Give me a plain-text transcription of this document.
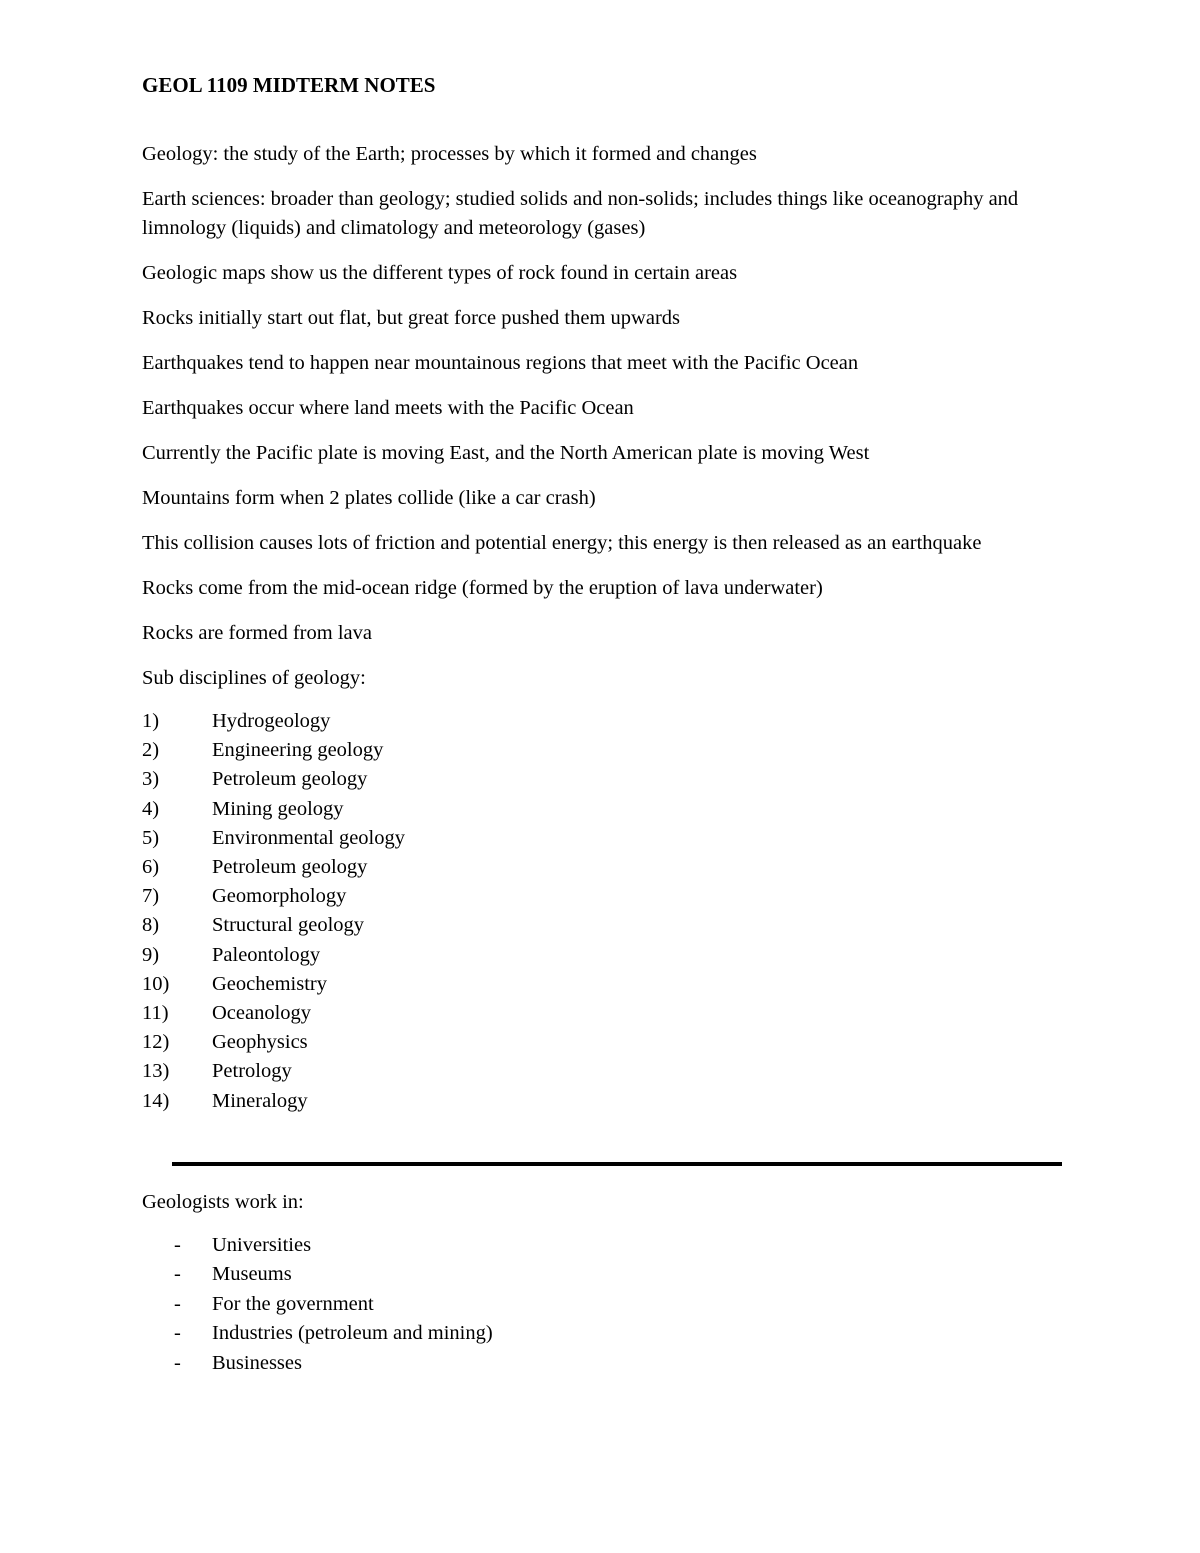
GEOL 1109 MIDTERM NOTES

Geology: the study of the Earth; processes by which it formed and changes

Earth sciences: broader than geology; studied solids and non-solids; includes things like oceanography and limnology (liquids) and climatology and meteorology (gases)

Geologic maps show us the different types of rock found in certain areas

Rocks initially start out flat, but great force pushed them upwards

Earthquakes tend to happen near mountainous regions that meet with the Pacific Ocean

Earthquakes occur where land meets with the Pacific Ocean

Currently the Pacific plate is moving East, and the North American plate is moving West

Mountains form when 2 plates collide (like a car crash)

This collision causes lots of friction and potential energy; this energy is then released as an earthquake

Rocks come from the mid-ocean ridge (formed by the eruption of lava underwater)

Rocks are formed from lava

Sub disciplines of geology:

1)	Hydrogeology
2)	Engineering geology
3)	Petroleum geology
4)	Mining geology
5)	Environmental geology
6)	Petroleum geology
7)	Geomorphology
8)	Structural geology
9)	Paleontology
10)	Geochemistry
11)	Oceanology
12)	Geophysics
13)	Petrology
14)	Mineralogy

Geologists work in:

-	Universities
-	Museums
-	For the government
-	Industries (petroleum and mining)
-	Businesses
